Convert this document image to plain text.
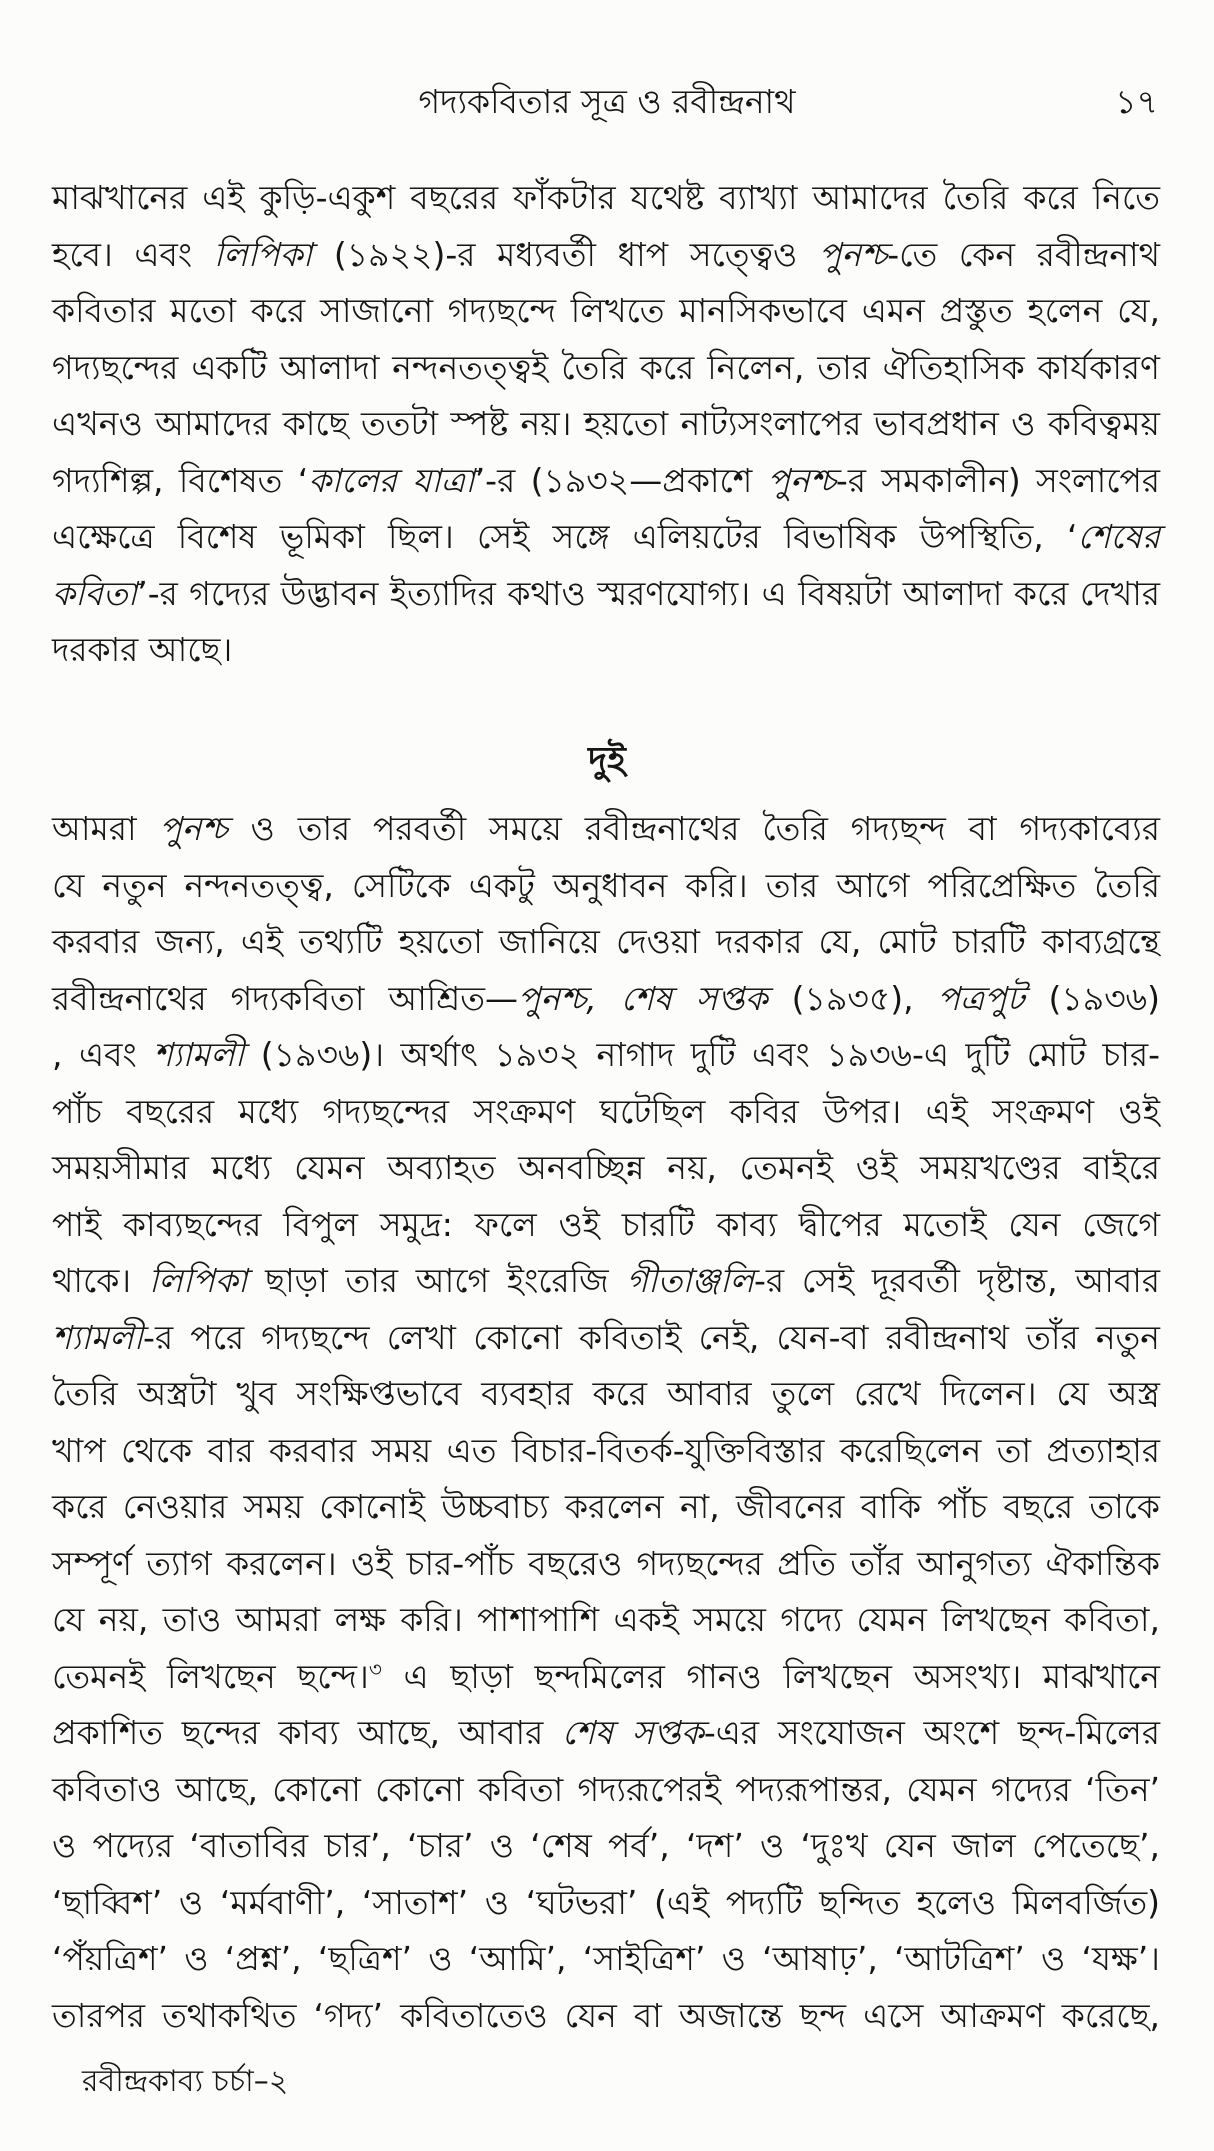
গদ্যকবিতার সূত্র ও রবীন্দ্রনাথ	১৭
মাঝখানের এই কুড়ি-একুশ বছরের ফাঁকটার যথেষ্ট ব্যাখ্যা আমাদের তৈরি করে নিতে
হবে। এবং লিপিকা (১৯২২)-র মধ্যবর্তী ধাপ সত্ত্বেও পুনশ্চ-তে কেন রবীন্দ্রনাথ
কবিতার মতো করে সাজানো গদ্যছন্দে লিখতে মানসিকভাবে এমন প্রস্তুত হলেন যে,
গদ্যছন্দের একটি আলাদা নন্দনতত্ত্বই তৈরি করে নিলেন, তার ঐতিহাসিক কার্যকারণ
এখনও আমাদের কাছে ততটা স্পষ্ট নয়। হয়তো নাট্যসংলাপের ভাবপ্রধান ও কবিত্বময়
গদ্যশিল্প, বিশেষত ‘কালের যাত্রা’-র (১৯৩২—প্রকাশে পুনশ্চ-র সমকালীন) সংলাপের
এক্ষেত্রে বিশেষ ভূমিকা ছিল। সেই সঙ্গে এলিয়টের বিভাষিক উপস্থিতি, ‘শেষের
কবিতা’-র গদ্যের উদ্ভাবন ইত্যাদির কথাও স্মরণযোগ্য। এ বিষয়টা আলাদা করে দেখার
দরকার আছে।
দুই
আমরা পুনশ্চ ও তার পরবর্তী সময়ে রবীন্দ্রনাথের তৈরি গদ্যছন্দ বা গদ্যকাব্যের
যে নতুন নন্দনতত্ত্ব, সেটিকে একটু অনুধাবন করি। তার আগে পরিপ্রেক্ষিত তৈরি
করবার জন্য, এই তথ্যটি হয়তো জানিয়ে দেওয়া দরকার যে, মোট চারটি কাব্যগ্রন্থে
রবীন্দ্রনাথের গদ্যকবিতা আশ্রিত—পুনশ্চ, শেষ সপ্তক (১৯৩৫), পত্রপুট (১৯৩৬)
, এবং শ্যামলী (১৯৩৬)। অর্থাৎ ১৯৩২ নাগাদ দুটি এবং ১৯৩৬-এ দুটি মোট চার-
পাঁচ বছরের মধ্যে গদ্যছন্দের সংক্রমণ ঘটেছিল কবির উপর। এই সংক্রমণ ওই
সময়সীমার মধ্যে যেমন অব্যাহত অনবচ্ছিন্ন নয়, তেমনই ওই সময়খণ্ডের বাইরে
পাই কাব্যছন্দের বিপুল সমুদ্র: ফলে ওই চারটি কাব্য দ্বীপের মতোই যেন জেগে
থাকে। লিপিকা ছাড়া তার আগে ইংরেজি গীতাঞ্জলি-র সেই দূরবর্তী দৃষ্টান্ত, আবার
শ্যামলী-র পরে গদ্যছন্দে লেখা কোনো কবিতাই নেই, যেন-বা রবীন্দ্রনাথ তাঁর নতুন
তৈরি অস্ত্রটা খুব সংক্ষিপ্তভাবে ব্যবহার করে আবার তুলে রেখে দিলেন। যে অস্ত্র
খাপ থেকে বার করবার সময় এত বিচার-বিতর্ক-যুক্তিবিস্তার করেছিলেন তা প্রত্যাহার
করে নেওয়ার সময় কোনোই উচ্চবাচ্য করলেন না, জীবনের বাকি পাঁচ বছরে তাকে
সম্পূর্ণ ত্যাগ করলেন। ওই চার-পাঁচ বছরেও গদ্যছন্দের প্রতি তাঁর আনুগত্য ঐকান্তিক
যে নয়, তাও আমরা লক্ষ করি। পাশাপাশি একই সময়ে গদ্যে যেমন লিখছেন কবিতা,
তেমনই লিখছেন ছন্দে।$^৩$ এ ছাড়া ছন্দমিলের গানও লিখছেন অসংখ্য। মাঝখানে
প্রকাশিত ছন্দের কাব্য আছে, আবার শেষ সপ্তক-এর সংযোজন অংশে ছন্দ-মিলের
কবিতাও আছে, কোনো কোনো কবিতা গদ্যরূপেরই পদ্যরূপান্তর, যেমন গদ্যের ‘তিন’
ও পদ্যের ‘বাতাবির চার’, ‘চার’ ও ‘শেষ পর্ব’, ‘দশ’ ও ‘দুঃখ যেন জাল পেতেছে’,
‘ছাব্বিশ’ ও ‘মর্মবাণী’, ‘সাতাশ’ ও ‘ঘটভরা’ (এই পদ্যটি ছন্দিত হলেও মিলবর্জিত)
‘পঁয়ত্রিশ’ ও ‘প্রশ্ন’, ‘ছত্রিশ’ ও ‘আমি’, ‘সাইত্রিশ’ ও ‘আষাঢ়’, ‘আটত্রিশ’ ও ‘যক্ষ’।
তারপর তথাকথিত ‘গদ্য’ কবিতাতেও যেন বা অজান্তে ছন্দ এসে আক্রমণ করেছে,
রবীন্দ্রকাব্য চর্চা–২
